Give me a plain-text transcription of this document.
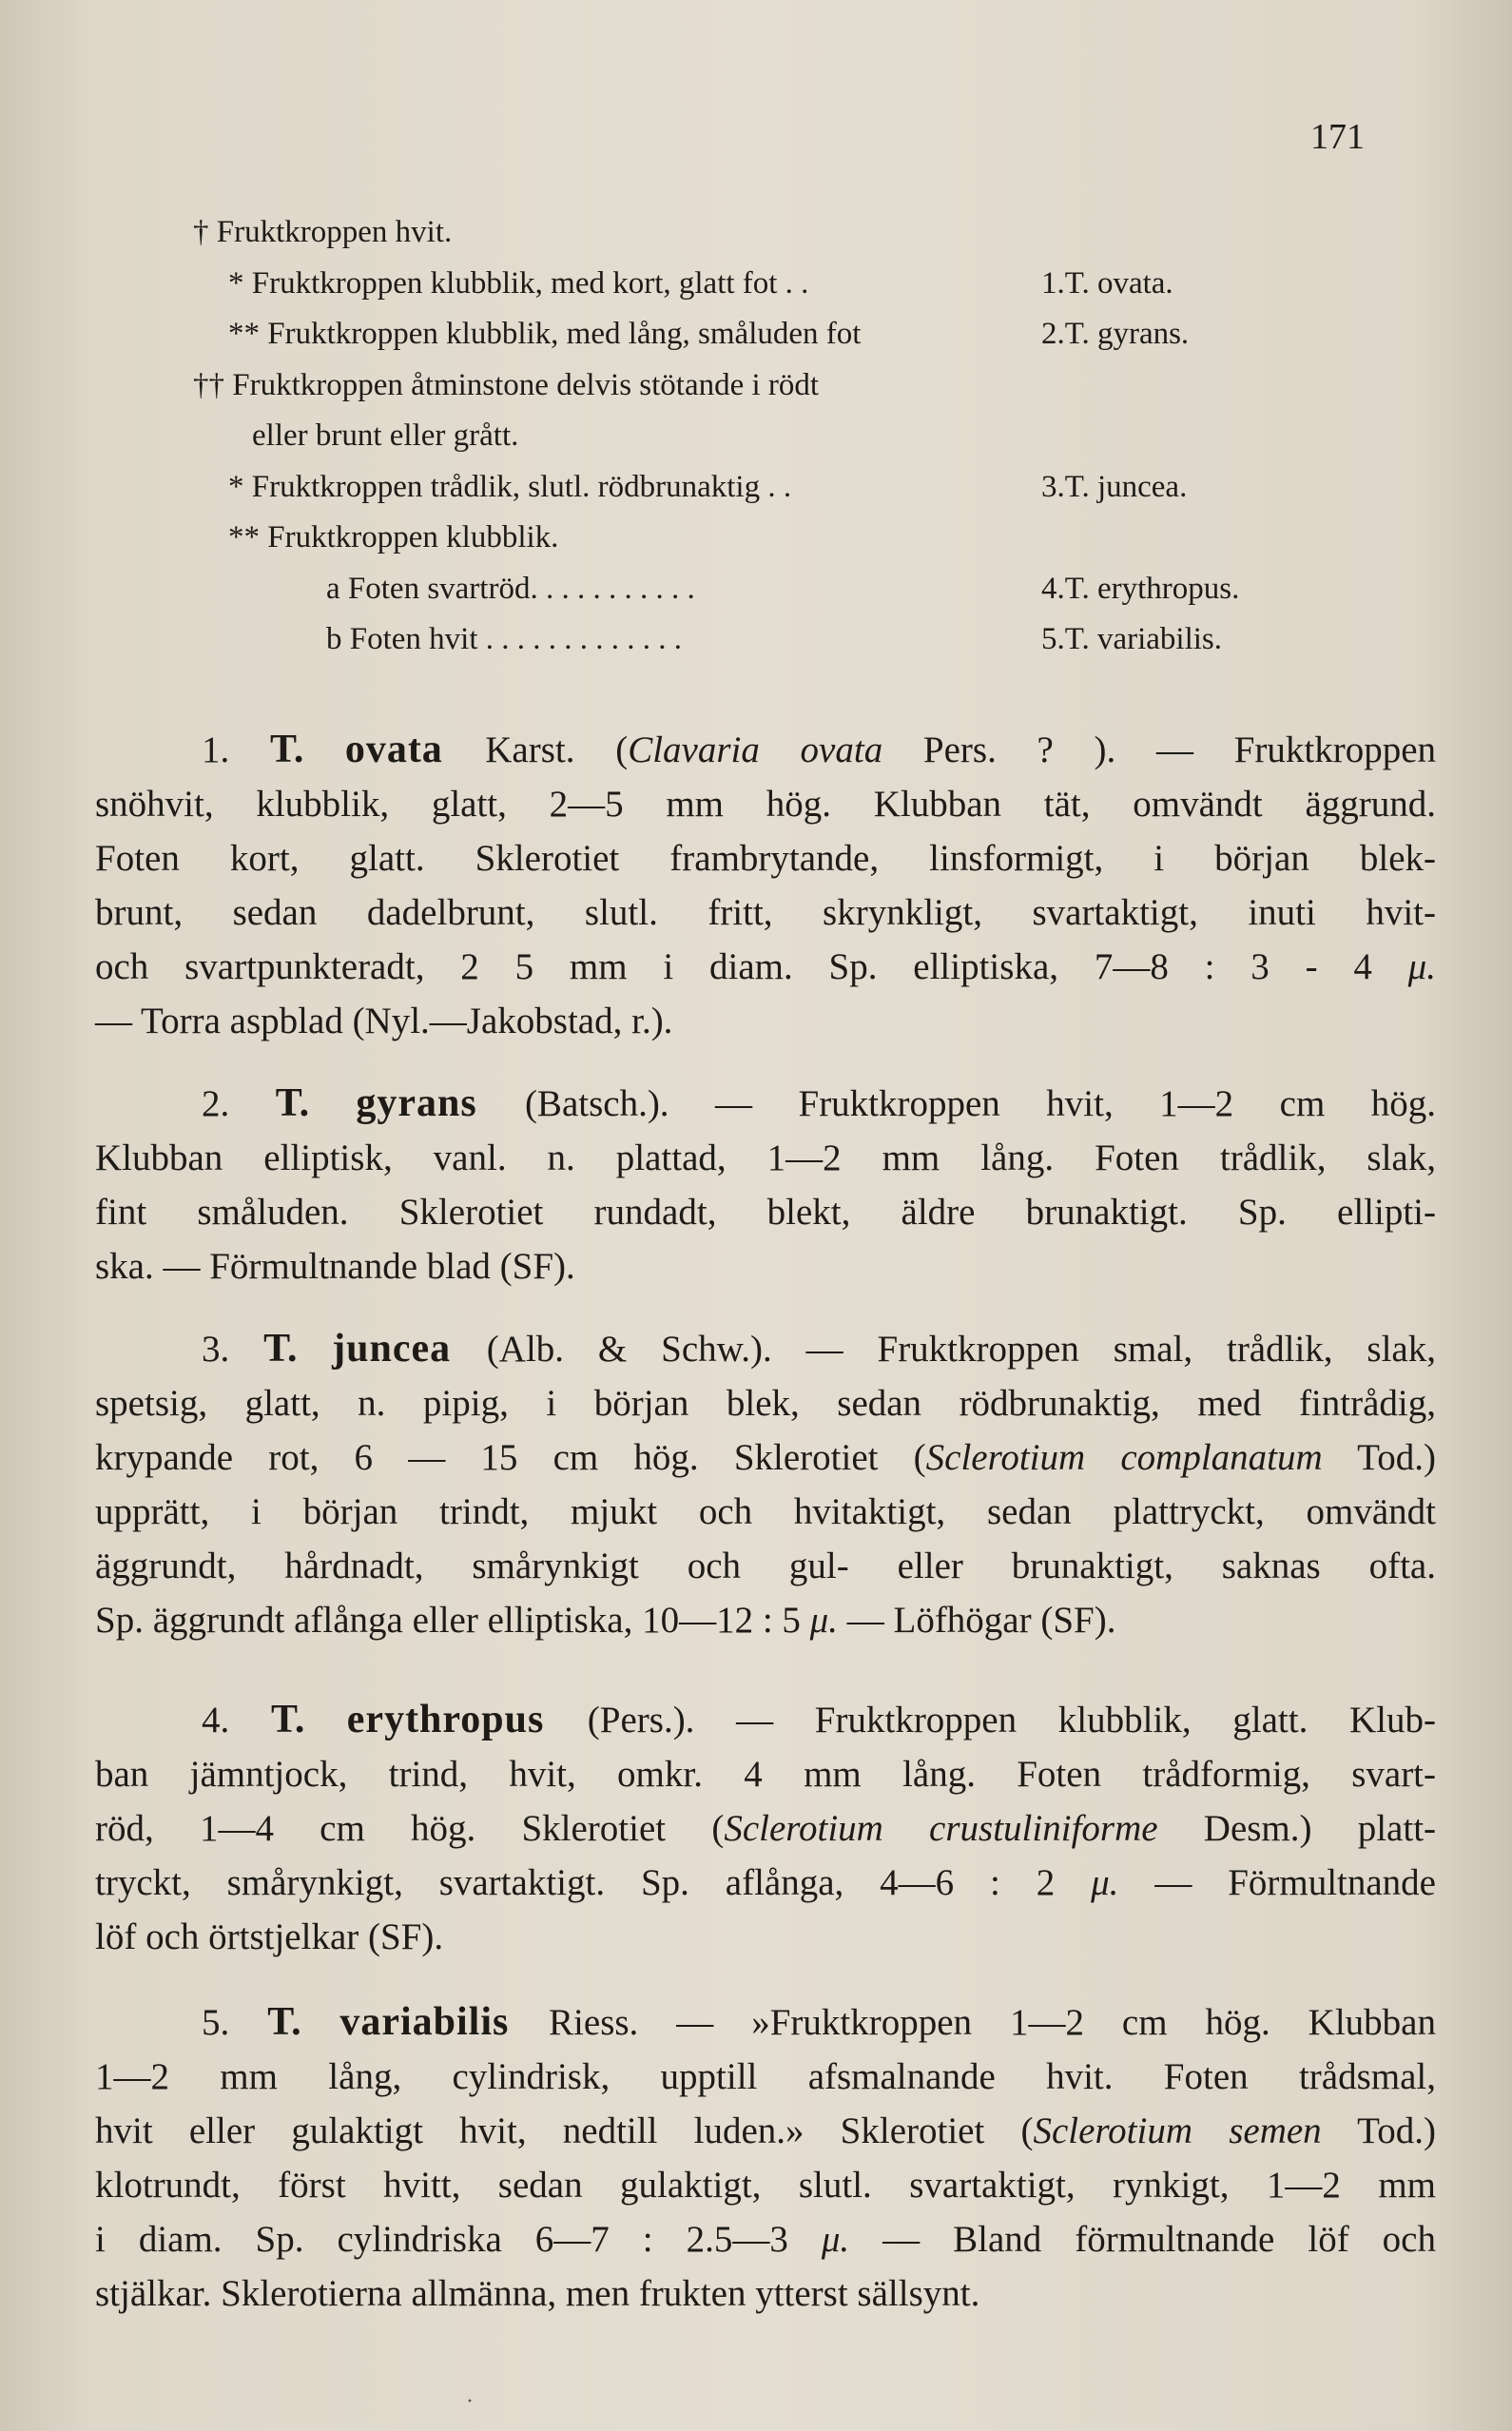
171
† Fruktkroppen hvit.
* Fruktkroppen klubblik, med kort, glatt fot . .	1.T. ovata.
** Fruktkroppen klubblik, med lång, småluden fot	2.T. gyrans.
†† Fruktkroppen åtminstone delvis stötande i rödt
eller brunt eller grått.
* Fruktkroppen trådlik, slutl. rödbrunaktig . .	3.T. juncea.
** Fruktkroppen klubblik.
a Foten svartröd. . . . . . . . . . .	4.T. erythropus.
b Foten hvit . . . . . . . . . . . . .	5.T. variabilis.
1. T. ovata Karst. (Clavaria ovata Pers. ? ). — Fruktkroppen
snöhvit, klubblik, glatt, 2—5 mm hög. Klubban tät, omvändt äggrund.
Foten kort, glatt. Sklerotiet frambrytande, linsformigt, i början blek-
brunt, sedan dadelbrunt, slutl. fritt, skrynkligt, svartaktigt, inuti hvit-
och svartpunkteradt, 2 5 mm i diam. Sp. elliptiska, 7—8 : 3 - 4 μ.
— Torra aspblad (Nyl.—Jakobstad, r.).
2. T. gyrans (Batsch.). — Fruktkroppen hvit, 1—2 cm hög.
Klubban elliptisk, vanl. n. plattad, 1—2 mm lång. Foten trådlik, slak,
fint småluden. Sklerotiet rundadt, blekt, äldre brunaktigt. Sp. ellipti-
ska. — Förmultnande blad (SF).
3. T. juncea (Alb. & Schw.). — Fruktkroppen smal, trådlik, slak,
spetsig, glatt, n. pipig, i början blek, sedan rödbrunaktig, med fintrådig,
krypande rot, 6 — 15 cm hög. Sklerotiet (Sclerotium complanatum Tod.)
upprätt, i början trindt, mjukt och hvitaktigt, sedan plattryckt, omvändt
äggrundt, hårdnadt, smårynkigt och gul- eller brunaktigt, saknas ofta.
Sp. äggrundt aflånga eller elliptiska, 10—12 : 5 μ. — Löfhögar (SF).
4. T. erythropus (Pers.). — Fruktkroppen klubblik, glatt. Klub-
ban jämntjock, trind, hvit, omkr. 4 mm lång. Foten trådformig, svart-
röd, 1—4 cm hög. Sklerotiet (Sclerotium crustuliniforme Desm.) platt-
tryckt, smårynkigt, svartaktigt. Sp. aflånga, 4—6 : 2 μ. — Förmultnande
löf och örtstjelkar (SF).
5. T. variabilis Riess. — »Fruktkroppen 1—2 cm hög. Klubban
1—2 mm lång, cylindrisk, upptill afsmalnande hvit. Foten trådsmal,
hvit eller gulaktigt hvit, nedtill luden.» Sklerotiet (Sclerotium semen Tod.)
klotrundt, först hvitt, sedan gulaktigt, slutl. svartaktigt, rynkigt, 1—2 mm
i diam. Sp. cylindriska 6—7 : 2.5—3 μ. — Bland förmultnande löf och
stjälkar. Sklerotierna allmänna, men frukten ytterst sällsynt.
·
